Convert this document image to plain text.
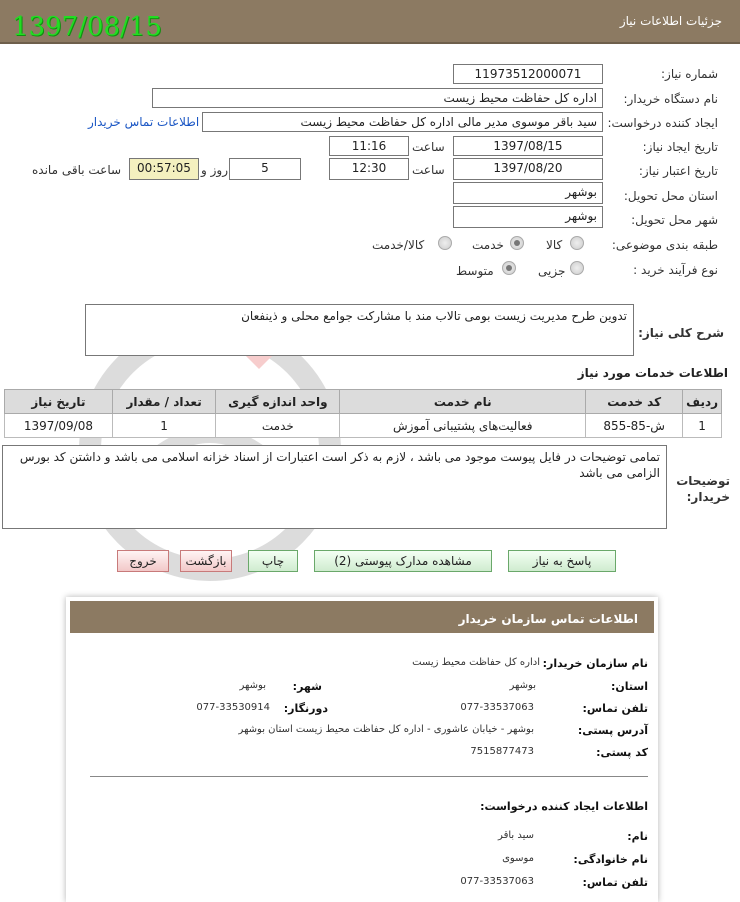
جزئیات اطلاعات نیاز
1397/08/15
شماره نیاز:
11973512000071
نام دستگاه خریدار:
اداره کل حفاظت محیط زیست
ایجاد کننده درخواست:
سید باقر موسوی مدیر مالی اداره کل حفاظت محیط زیست
اطلاعات تماس خریدار
تاریخ ایجاد نیاز:
1397/08/15
ساعت
11:16
تاریخ اعتبار نیاز:
1397/08/20
ساعت
12:30
5
روز و
00:57:05
ساعت باقی مانده
استان محل تحویل:
بوشهر
شهر محل تحویل:
بوشهر
طبقه بندی موضوعی:
کالا
خدمت
کالا/خدمت
نوع فرآیند خرید :
جزیی
متوسط
شرح کلی نیاز:
تدوین طرح مدیریت زیست بومی تالاب مند با مشارکت جوامع محلی و ذینفعان
اطلاعات خدمات مورد نیاز
ردیف	کد خدمت	نام خدمت	واحد اندازه گیری	تعداد / مقدار	تاریخ نیاز
1	ش-85-855	فعالیت‌های پشتیبانی آموزش	خدمت	1	1397/09/08
توضیحات خریدار:
تمامی توضیحات در فایل پیوست موجود می باشد ، لازم به ذکر است اعتبارات از اسناد خزانه اسلامی می باشد و داشتن کد بورس الزامی می باشد
پاسخ به نیاز
مشاهده مدارک پیوستی (2)
چاپ
بازگشت
خروج
اطلاعات تماس سازمان خریدار
نام سازمان خریدار:
اداره کل حفاظت محیط زیست
استان:
بوشهر
شهر:
بوشهر
تلفن تماس:
077-33537063
دورنگار:
077-33530914
آدرس پستی:
بوشهر - خیابان عاشوری - اداره کل حفاظت محیط زیست استان بوشهر
کد پستی:
7515877473
اطلاعات ایجاد کننده درخواست:
نام:
سید باقر
نام خانوادگی:
موسوی
تلفن تماس:
077-33537063
